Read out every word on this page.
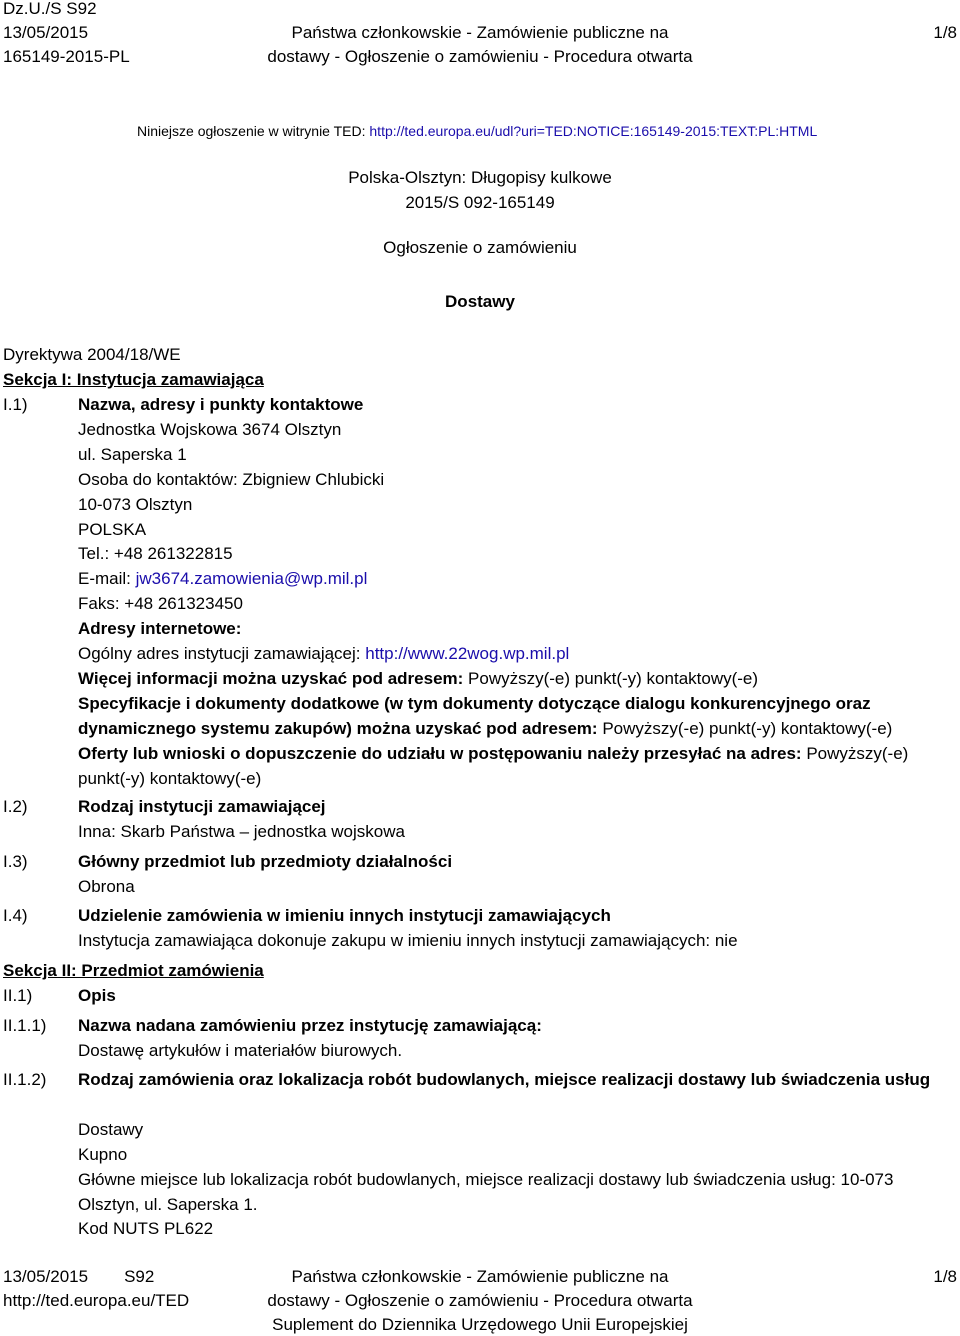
Dz.U./S S92
13/05/2015
165149-2015-PL
Państwa członkowskie - Zamówienie publiczne na
dostawy - Ogłoszenie o zamówieniu - Procedura otwarta
1/8
Niniejsze ogłoszenie w witrynie TED: http://ted.europa.eu/udl?uri=TED:NOTICE:165149-2015:TEXT:PL:HTML
Polska-Olsztyn: Długopisy kulkowe
2015/S 092-165149
Ogłoszenie o zamówieniu
Dostawy
Dyrektywa 2004/18/WE
Sekcja I: Instytucja zamawiająca
I.1)	Nazwa, adresy i punkty kontaktowe
Jednostka Wojskowa 3674 Olsztyn
ul. Saperska 1
Osoba do kontaktów: Zbigniew Chlubicki
10-073 Olsztyn
POLSKA
Tel.: +48 261322815
E-mail: jw3674.zamowienia@wp.mil.pl
Faks: +48 261323450
Adresy internetowe:
Ogólny adres instytucji zamawiającej: http://www.22wog.wp.mil.pl
Więcej informacji można uzyskać pod adresem: Powyższy(-e) punkt(-y) kontaktowy(-e)
Specyfikacje i dokumenty dodatkowe (w tym dokumenty dotyczące dialogu konkurencyjnego oraz dynamicznego systemu zakupów) można uzyskać pod adresem: Powyższy(-e) punkt(-y) kontaktowy(-e)
Oferty lub wnioski o dopuszczenie do udziału w postępowaniu należy przesyłać na adres: Powyższy(-e) punkt(-y) kontaktowy(-e)
I.2)	Rodzaj instytucji zamawiającej
Inna: Skarb Państwa – jednostka wojskowa
I.3)	Główny przedmiot lub przedmioty działalności
Obrona
I.4)	Udzielenie zamówienia w imieniu innych instytucji zamawiających
Instytucja zamawiająca dokonuje zakupu w imieniu innych instytucji zamawiających: nie
Sekcja II: Przedmiot zamówienia
II.1)	Opis
II.1.1) Nazwa nadana zamówieniu przez instytucję zamawiającą:
Dostawę artykułów i materiałów biurowych.
II.1.2) Rodzaj zamówienia oraz lokalizacja robót budowlanych, miejsce realizacji dostawy lub świadczenia usług
Dostawy
Kupno
Główne miejsce lub lokalizacja robót budowlanych, miejsce realizacji dostawy lub świadczenia usług: 10-073 Olsztyn, ul. Saperska 1.
Kod NUTS PL622
13/05/2015 S92
http://ted.europa.eu/TED
Państwa członkowskie - Zamówienie publiczne na
dostawy - Ogłoszenie o zamówieniu - Procedura otwarta
Suplement do Dziennika Urzędowego Unii Europejskiej
1/8
